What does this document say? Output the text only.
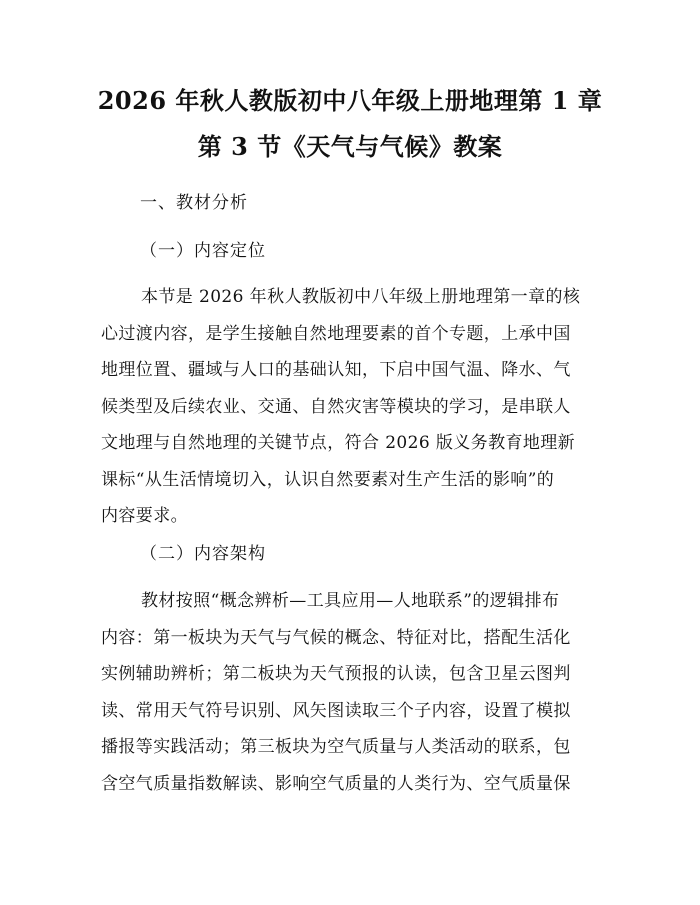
2026 年秋人教版初中八年级上册地理第 1 章
第 3 节《天气与气候》教案
一、教材分析
（一）内容定位
本节是 2026 年秋人教版初中八年级上册地理第一章的核
心过渡内容，是学生接触自然地理要素的首个专题，上承中国
地理位置、疆域与人口的基础认知，下启中国气温、降水、气
候类型及后续农业、交通、自然灾害等模块的学习，是串联人
文地理与自然地理的关键节点，符合 2026 版义务教育地理新
课标“从生活情境切入，认识自然要素对生产生活的影响”的
内容要求。
（二）内容架构
教材按照“概念辨析—工具应用—人地联系”的逻辑排布
内容：第一板块为天气与气候的概念、特征对比，搭配生活化
实例辅助辨析；第二板块为天气预报的认读，包含卫星云图判
读、常用天气符号识别、风矢图读取三个子内容，设置了模拟
播报等实践活动；第三板块为空气质量与人类活动的联系，包
含空气质量指数解读、影响空气质量的人类行为、空气质量保
